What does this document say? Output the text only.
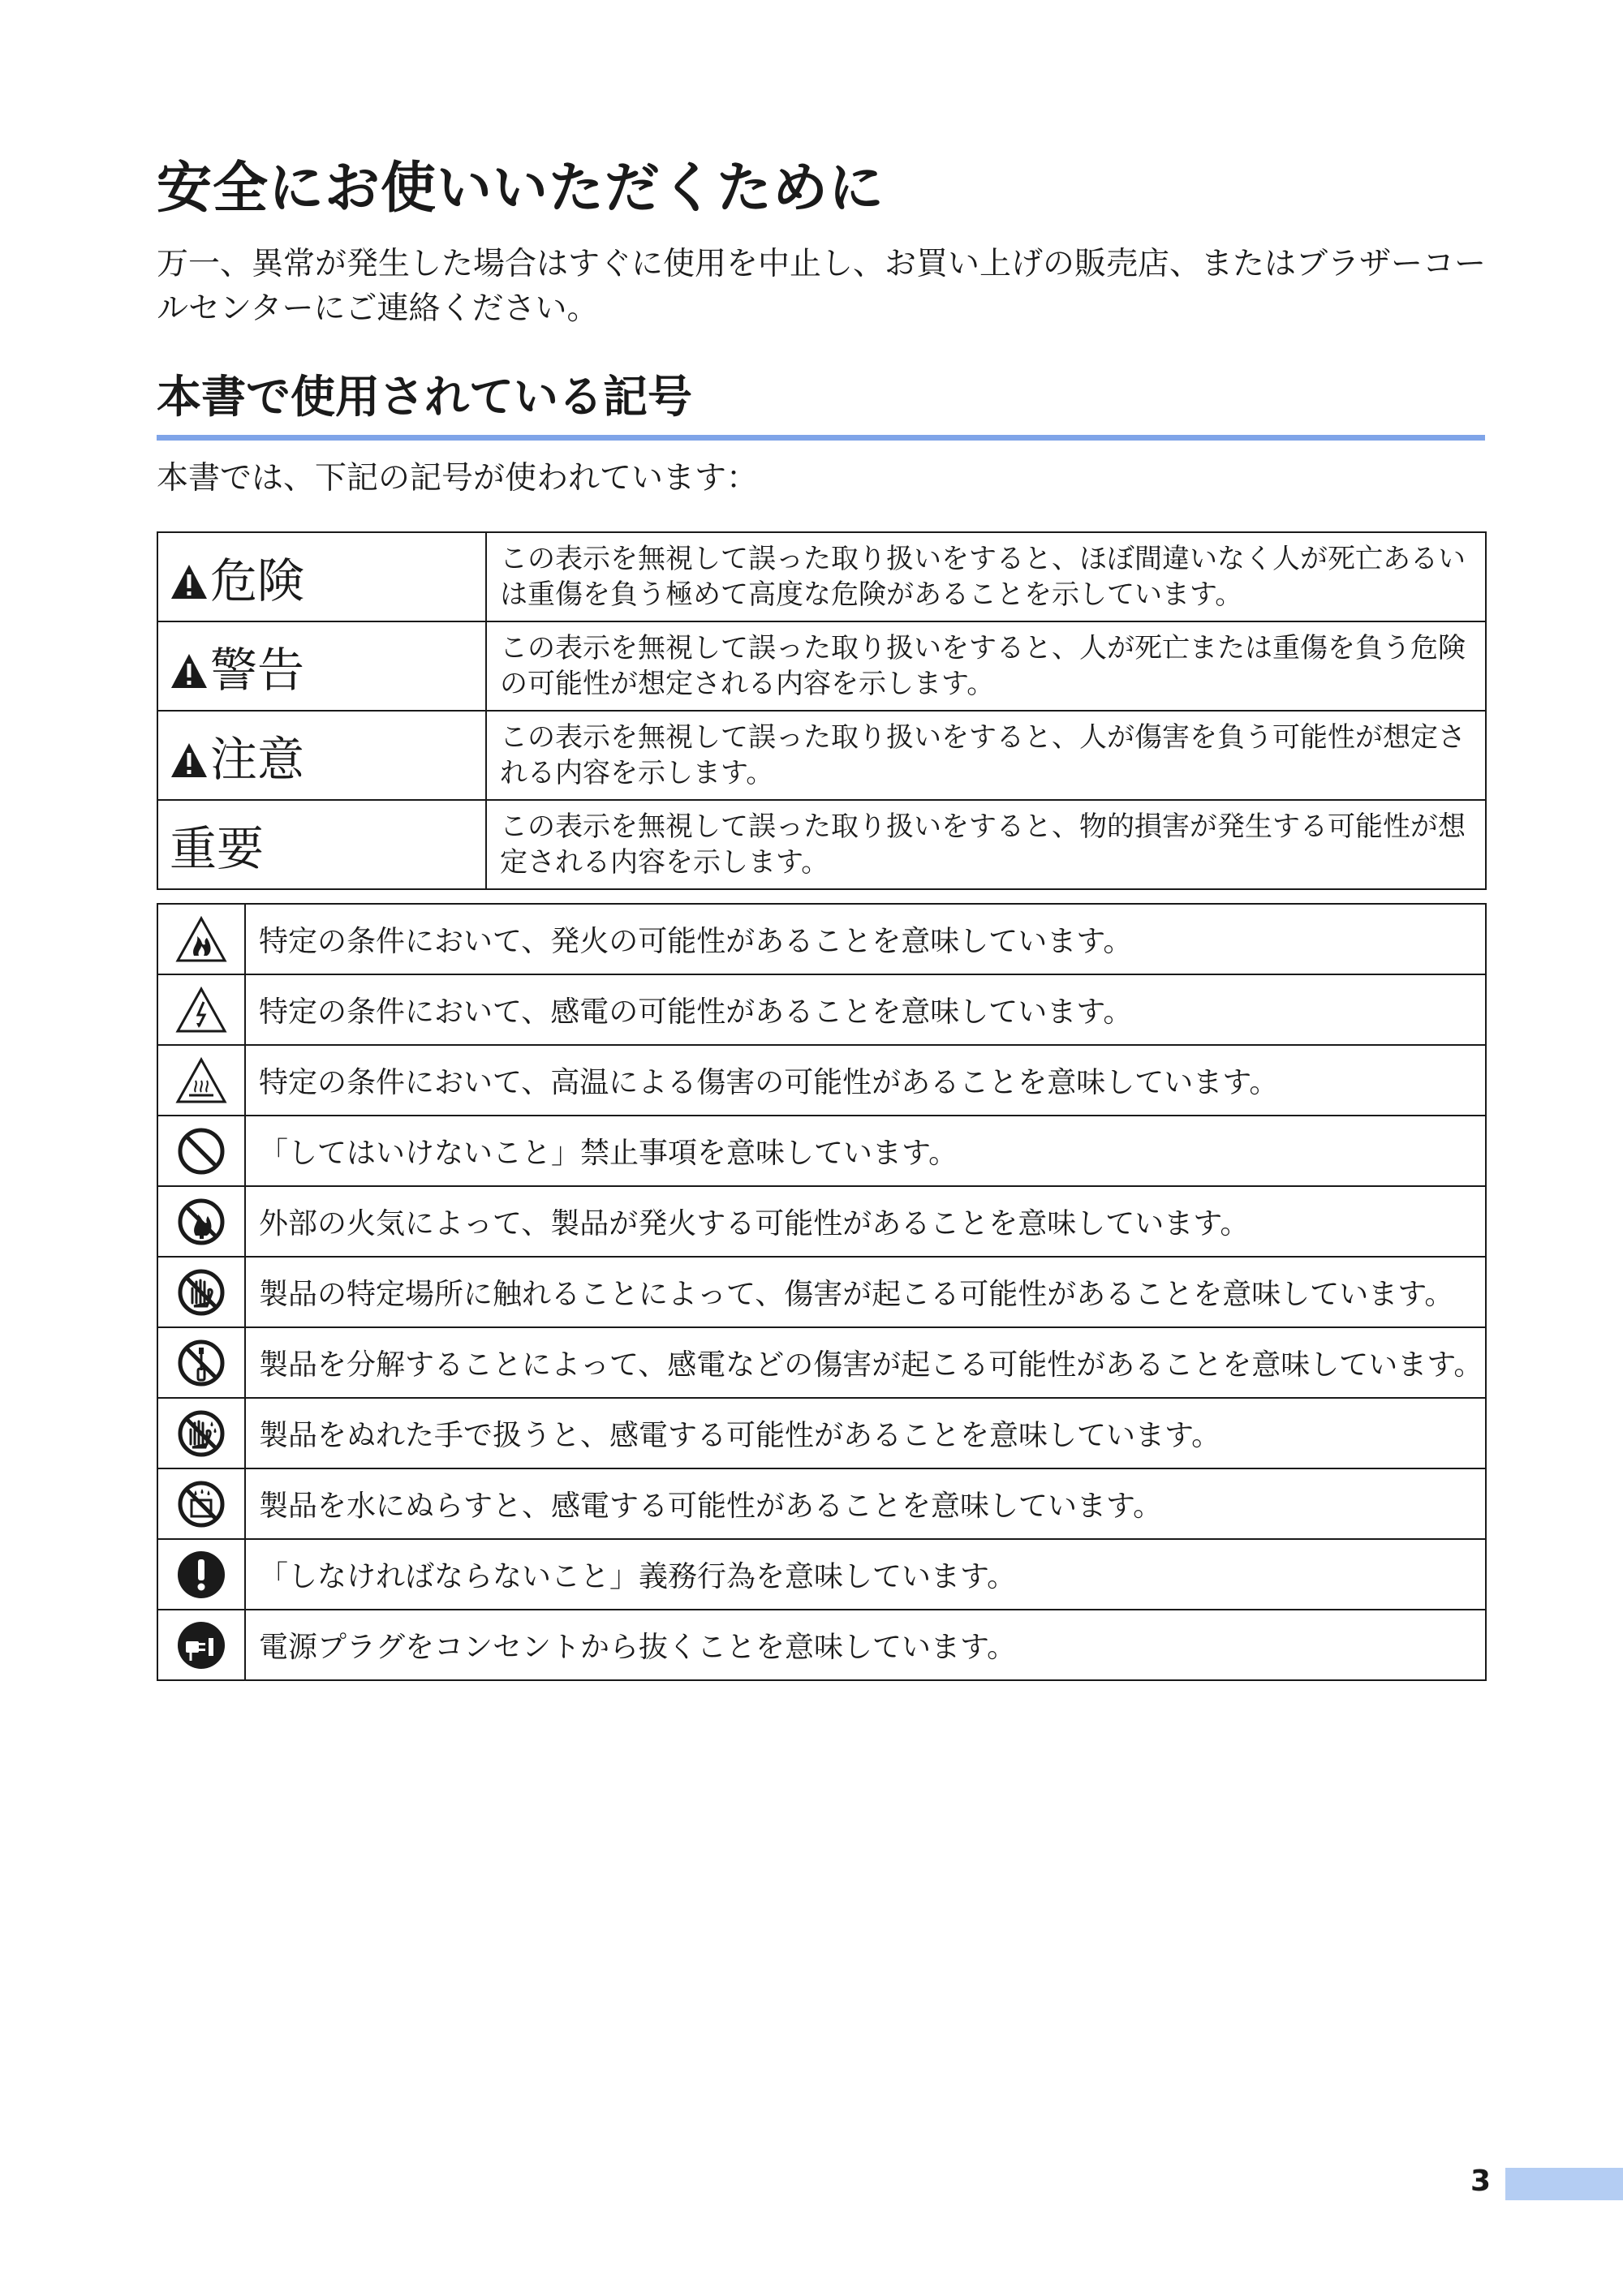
安全にお使いいただくために

万一、異常が発生した場合はすぐに使用を中止し、お買い上げの販売店、またはブラザーコールセンターにご連絡ください。

本書で使用されている記号

本書では、下記の記号が使われています：

危険	この表示を無視して誤った取り扱いをすると、ほぼ間違いなく人が死亡あるいは重傷を負う極めて高度な危険があることを示しています。
警告	この表示を無視して誤った取り扱いをすると、人が死亡または重傷を負う危険の可能性が想定される内容を示します。
注意	この表示を無視して誤った取り扱いをすると、人が傷害を負う可能性が想定される内容を示します。
重要	この表示を無視して誤った取り扱いをすると、物的損害が発生する可能性が想定される内容を示します。
	特定の条件において、発火の可能性があることを意味しています。

	特定の条件において、感電の可能性があることを意味しています。

	特定の条件において、高温による傷害の可能性があることを意味しています。

	「してはいけないこと」禁止事項を意味しています。

	外部の火気によって、製品が発火する可能性があることを意味しています。

	製品の特定場所に触れることによって、傷害が起こる可能性があることを意味しています。

	製品を分解することによって、感電などの傷害が起こる可能性があることを意味しています。

	製品をぬれた手で扱うと、感電する可能性があることを意味しています。

	製品を水にぬらすと、感電する可能性があることを意味しています。

	「しなければならないこと」義務行為を意味しています。

	電源プラグをコンセントから抜くことを意味しています。
3
